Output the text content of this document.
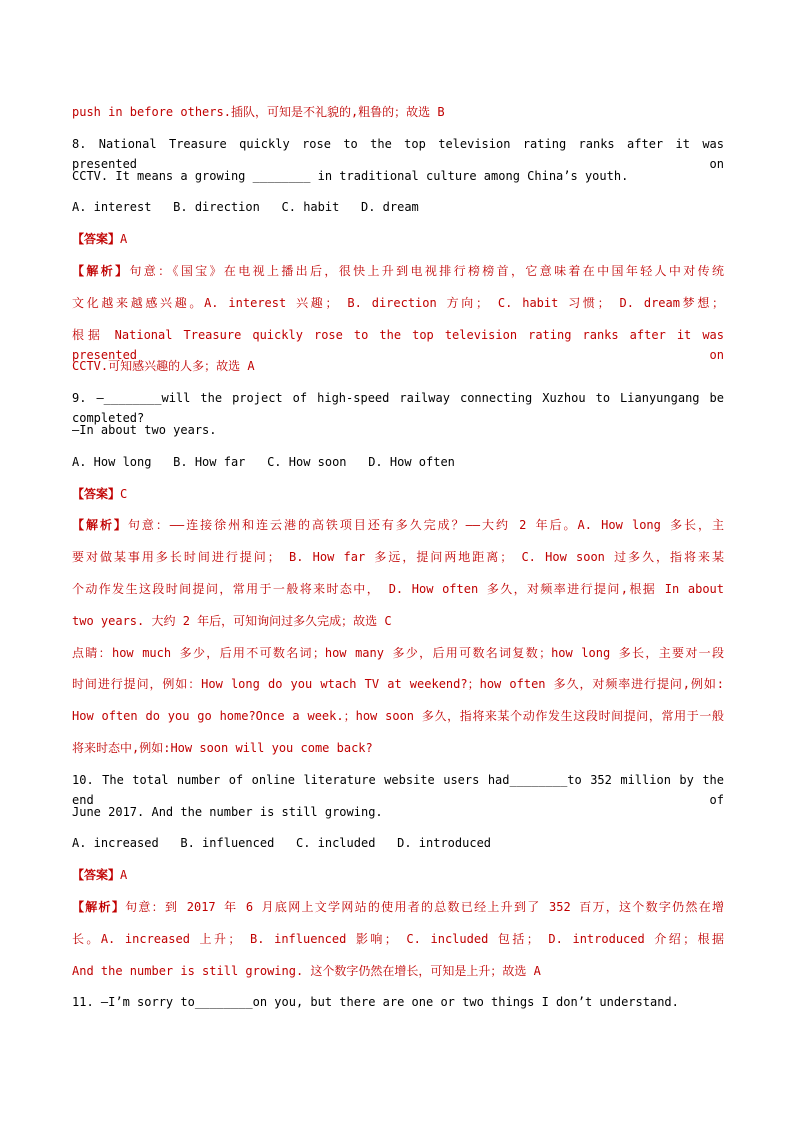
push in before others.插队，可知是不礼貌的,粗鲁的；故选 B
8. National Treasure quickly rose to the top television rating ranks after it was presented on
CCTV. It means a growing ________ in traditional culture among China’s youth.
A. interest   B. direction   C. habit   D. dream
【答案】A
【解析】句意：《国宝》在电视上播出后，很快上升到电视排行榜榜首，它意味着在中国年轻人中对传统
文化越来越感兴趣。A. interest 兴趣； B. direction 方向； C. habit 习惯； D. dream梦想；
根据 National Treasure quickly rose to the top television rating ranks after it was presented on
CCTV.可知感兴趣的人多；故选 A
9. —________will the project of high-speed railway connecting Xuzhou to Lianyungang be completed?
—In about two years.
A. How long   B. How far   C. How soon   D. How often
【答案】C
【解析】句意：——连接徐州和连云港的高铁项目还有多久完成？——大约 2 年后。A. How long 多长，主
要对做某事用多长时间进行提问； B. How far 多远，提问两地距离； C. How soon 过多久，指将来某
个动作发生这段时间提问，常用于一般将来时态中， D. How often 多久，对频率进行提问,根据 In about
two years. 大约 2 年后，可知询问过多久完成；故选 C
点睛：how much 多少，后用不可数名词；how many 多少，后用可数名词复数；how long 多长，主要对一段
时间进行提问，例如：How long do you wtach TV at weekend?；how often 多久，对频率进行提问,例如:
How often do you go home?Once a week.；how soon 多久，指将来某个动作发生这段时间提问，常用于一般
将来时态中,例如:How soon will you come back?
10. The total number of online literature website users had________to 352 million by the end of
June 2017. And the number is still growing.
A. increased   B. influenced   C. included   D. introduced
【答案】A
【解析】句意：到 2017 年 6 月底网上文学网站的使用者的总数已经上升到了 352 百万，这个数字仍然在增
长。A. increased 上升； B. influenced 影响； C. included 包括； D. introduced 介绍；根据
And the number is still growing. 这个数字仍然在增长，可知是上升；故选 A
11. —I’m sorry to________on you, but there are one or two things I don’t understand.
